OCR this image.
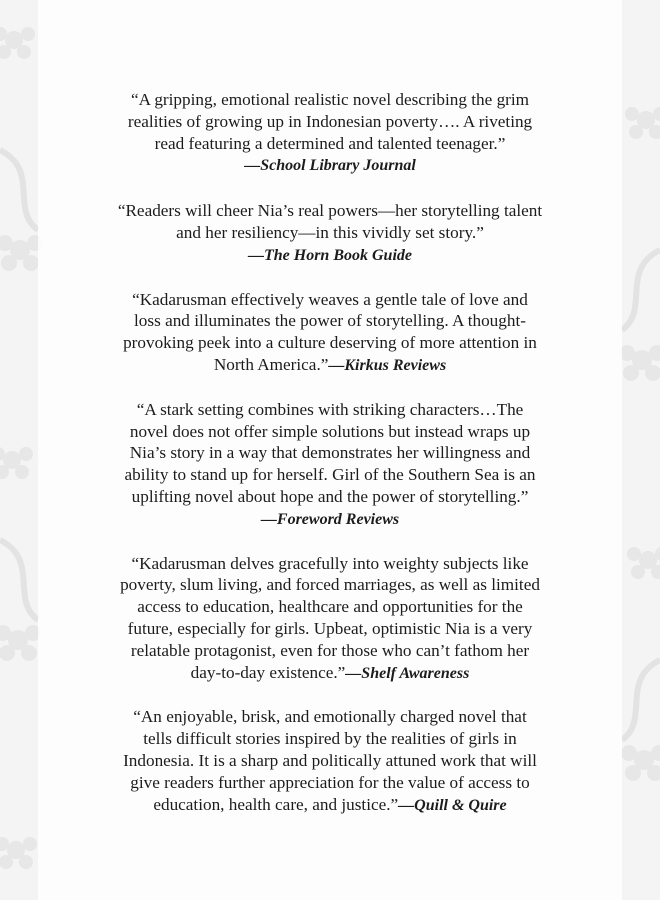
“A gripping, emotional realistic novel describing the grim
realities of growing up in Indonesian poverty…. A riveting
read featuring a determined and talented teenager.”
—School Library Journal
“Readers will cheer Nia’s real powers—her storytelling talent
and her resiliency—in this vividly set story.”
—The Horn Book Guide
“Kadarusman effectively weaves a gentle tale of love and
loss and illuminates the power of storytelling. A thought-
provoking peek into a culture deserving of more attention in
North America.”—Kirkus Reviews
“A stark setting combines with striking characters…The
novel does not offer simple solutions but instead wraps up
Nia’s story in a way that demonstrates her willingness and
ability to stand up for herself. Girl of the Southern Sea is an
uplifting novel about hope and the power of storytelling.”
—Foreword Reviews
“Kadarusman delves gracefully into weighty subjects like
poverty, slum living, and forced marriages, as well as limited
access to education, healthcare and opportunities for the
future, especially for girls. Upbeat, optimistic Nia is a very
relatable protagonist, even for those who can’t fathom her
day-to-day existence.”—Shelf Awareness
“An enjoyable, brisk, and emotionally charged novel that
tells difficult stories inspired by the realities of girls in
Indonesia. It is a sharp and politically attuned work that will
give readers further appreciation for the value of access to
education, health care, and justice.”—Quill & Quire
